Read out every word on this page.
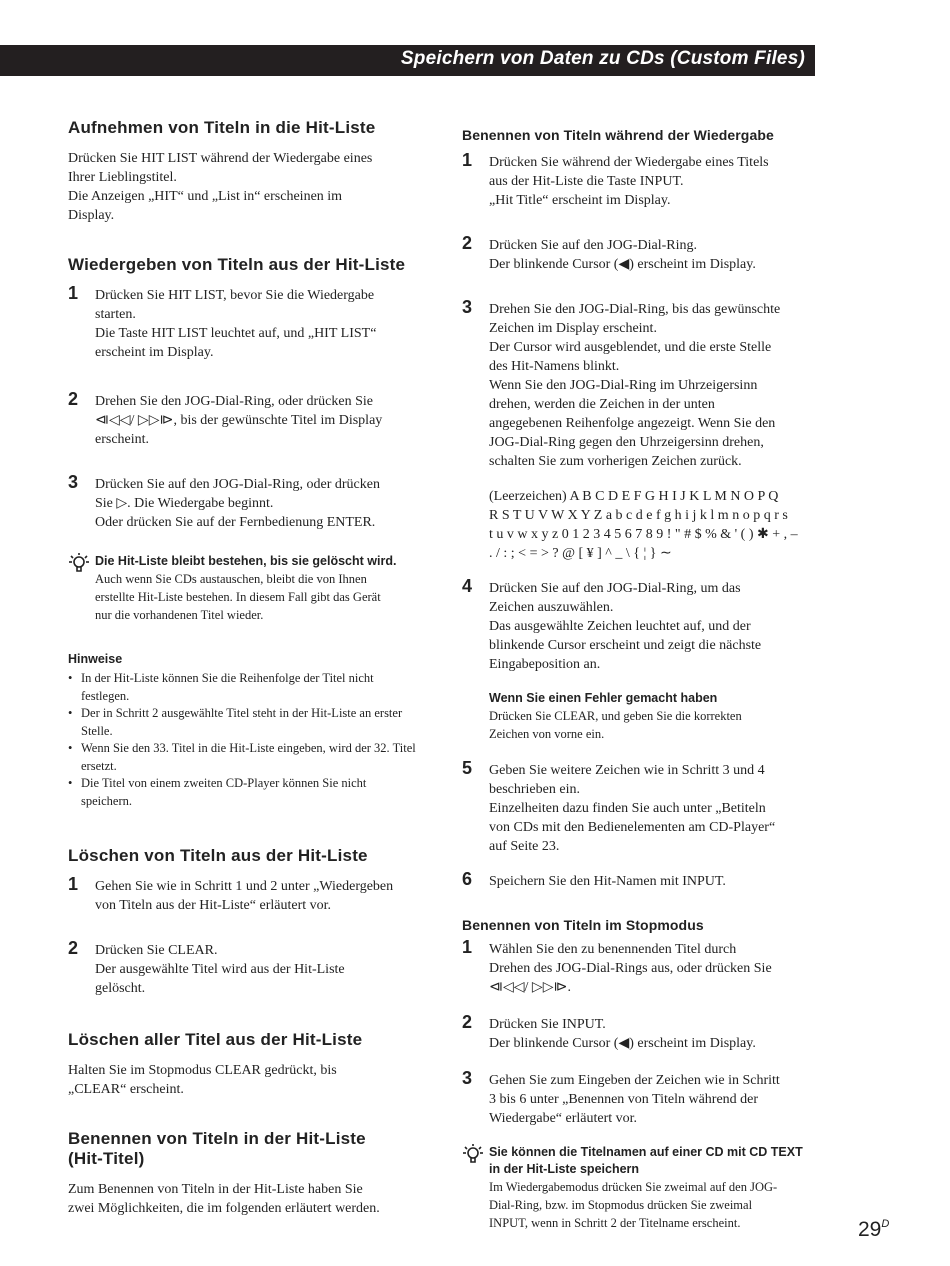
Speichern von Daten zu CDs (Custom Files)
Aufnehmen von Titeln in die Hit-Liste
Drücken Sie HIT LIST während der Wiedergabe eines
Ihrer Lieblingstitel.
Die Anzeigen „HIT“ und „List in“ erscheinen im
Display.
Wiedergeben von Titeln aus der Hit-Liste
1 Drücken Sie HIT LIST, bevor Sie die Wiedergabe
starten.
Die Taste HIT LIST leuchtet auf, und „HIT LIST“
erscheint im Display.
2 Drehen Sie den JOG-Dial-Ring, oder drücken Sie
⧏◁◁/ ▷▷⧐, bis der gewünschte Titel im Display
erscheint.
3 Drücken Sie auf den JOG-Dial-Ring, oder drücken
Sie ▷. Die Wiedergabe beginnt.
Oder drücken Sie auf der Fernbedienung ENTER.
Die Hit-Liste bleibt bestehen, bis sie gelöscht wird.
Auch wenn Sie CDs austauschen, bleibt die von Ihnen
erstellte Hit-Liste bestehen. In diesem Fall gibt das Gerät
nur die vorhandenen Titel wieder.
Hinweise
• In der Hit-Liste können Sie die Reihenfolge der Titel nicht festlegen.
• Der in Schritt 2 ausgewählte Titel steht in der Hit-Liste an erster Stelle.
• Wenn Sie den 33. Titel in die Hit-Liste eingeben, wird der 32. Titel ersetzt.
• Die Titel von einem zweiten CD-Player können Sie nicht speichern.
Löschen von Titeln aus der Hit-Liste
1 Gehen Sie wie in Schritt 1 und 2 unter „Wiedergeben
von Titeln aus der Hit-Liste“ erläutert vor.
2 Drücken Sie CLEAR.
Der ausgewählte Titel wird aus der Hit-Liste
gelöscht.
Löschen aller Titel aus der Hit-Liste
Halten Sie im Stopmodus CLEAR gedrückt, bis
„CLEAR“ erscheint.
Benennen von Titeln in der Hit-Liste
(Hit-Titel)
Zum Benennen von Titeln in der Hit-Liste haben Sie
zwei Möglichkeiten, die im folgenden erläutert werden.
Benennen von Titeln während der Wiedergabe
1 Drücken Sie während der Wiedergabe eines Titels
aus der Hit-Liste die Taste INPUT.
„Hit Title“ erscheint im Display.
2 Drücken Sie auf den JOG-Dial-Ring.
Der blinkende Cursor (◀) erscheint im Display.
3 Drehen Sie den JOG-Dial-Ring, bis das gewünschte
Zeichen im Display erscheint.
Der Cursor wird ausgeblendet, und die erste Stelle
des Hit-Namens blinkt.
Wenn Sie den JOG-Dial-Ring im Uhrzeigersinn
drehen, werden die Zeichen in der unten
angegebenen Reihenfolge angezeigt. Wenn Sie den
JOG-Dial-Ring gegen den Uhrzeigersinn drehen,
schalten Sie zum vorherigen Zeichen zurück.
(Leerzeichen) A B C D E F G H I J K L M N O P Q
R S T U V W X Y Z a b c d e f g h i j k l m n o p q r s
t u v w x y z 0 1 2 3 4 5 6 7 8 9 ! " # $ % & ' ( ) ✱ + , –
. / : ; < = > ? @ [ ¥ ] ^ _ \ { ¦ } ∼
4 Drücken Sie auf den JOG-Dial-Ring, um das
Zeichen auszuwählen.
Das ausgewählte Zeichen leuchtet auf, und der
blinkende Cursor erscheint und zeigt die nächste
Eingabeposition an.
Wenn Sie einen Fehler gemacht haben
Drücken Sie CLEAR, und geben Sie die korrekten
Zeichen von vorne ein.
5 Geben Sie weitere Zeichen wie in Schritt 3 und 4
beschrieben ein.
Einzelheiten dazu finden Sie auch unter „Betiteln
von CDs mit den Bedienelementen am CD-Player“
auf Seite 23.
6 Speichern Sie den Hit-Namen mit INPUT.
Benennen von Titeln im Stopmodus
1 Wählen Sie den zu benennenden Titel durch
Drehen des JOG-Dial-Rings aus, oder drücken Sie
⧏◁◁/ ▷▷⧐.
2 Drücken Sie INPUT.
Der blinkende Cursor (◀) erscheint im Display.
3 Gehen Sie zum Eingeben der Zeichen wie in Schritt
3 bis 6 unter „Benennen von Titeln während der
Wiedergabe“ erläutert vor.
Sie können die Titelnamen auf einer CD mit CD TEXT
in der Hit-Liste speichern
Im Wiedergabemodus drücken Sie zweimal auf den JOG-
Dial-Ring, bzw. im Stopmodus drücken Sie zweimal
INPUT, wenn in Schritt 2 der Titelname erscheint.	$29^D$
